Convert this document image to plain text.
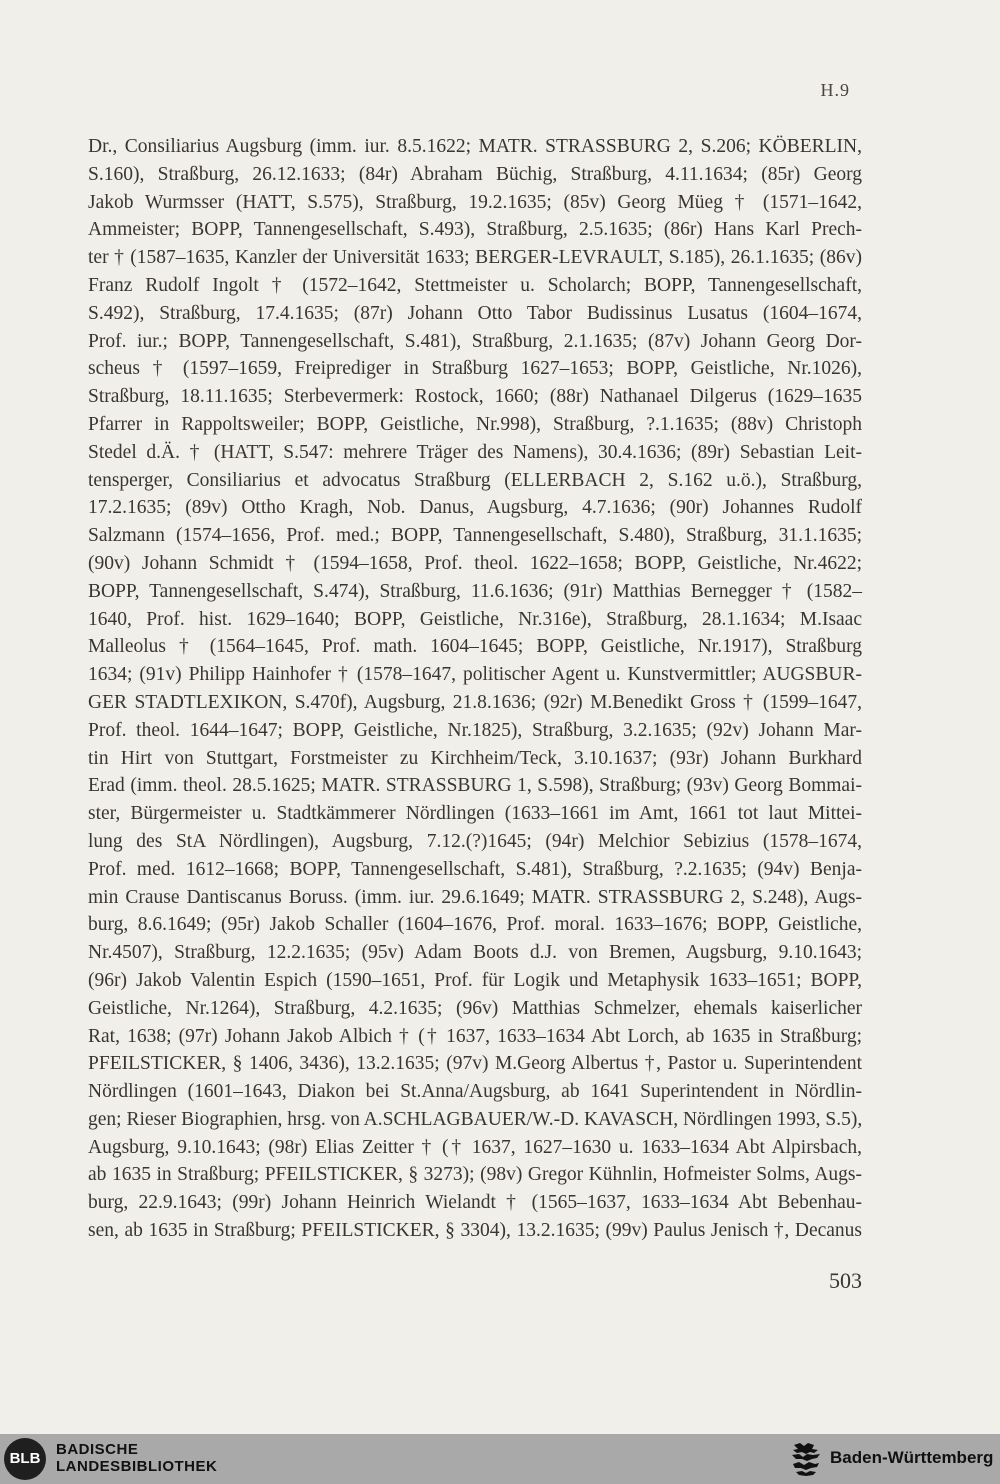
H.9
Dr., Consiliarius Augsburg (imm. iur. 8.5.1622; MATR. STRASSBURG 2, S.206; KÖBERLIN,
S.160), Straßburg, 26.12.1633; (84r) Abraham Büchig, Straßburg, 4.11.1634; (85r) Georg
Jakob Wurmsser (HATT, S.575), Straßburg, 19.2.1635; (85v) Georg Müeg † (1571–1642,
Ammeister; BOPP, Tannengesellschaft, S.493), Straßburg, 2.5.1635; (86r) Hans Karl Prech-
ter † (1587–1635, Kanzler der Universität 1633; BERGER-LEVRAULT, S.185), 26.1.1635; (86v)
Franz Rudolf Ingolt † (1572–1642, Stettmeister u. Scholarch; BOPP, Tannengesellschaft,
S.492), Straßburg, 17.4.1635; (87r) Johann Otto Tabor Budissinus Lusatus (1604–1674,
Prof. iur.; BOPP, Tannengesellschaft, S.481), Straßburg, 2.1.1635; (87v) Johann Georg Dor-
scheus † (1597–1659, Freiprediger in Straßburg 1627–1653; BOPP, Geistliche, Nr.1026),
Straßburg, 18.11.1635; Sterbevermerk: Rostock, 1660; (88r) Nathanael Dilgerus (1629–1635
Pfarrer in Rappoltsweiler; BOPP, Geistliche, Nr.998), Straßburg, ?.1.1635; (88v) Christoph
Stedel d.Ä. † (HATT, S.547: mehrere Träger des Namens), 30.4.1636; (89r) Sebastian Leit-
tensperger, Consiliarius et advocatus Straßburg (ELLERBACH 2, S.162 u.ö.), Straßburg,
17.2.1635; (89v) Ottho Kragh, Nob. Danus, Augsburg, 4.7.1636; (90r) Johannes Rudolf
Salzmann (1574–1656, Prof. med.; BOPP, Tannengesellschaft, S.480), Straßburg, 31.1.1635;
(90v) Johann Schmidt † (1594–1658, Prof. theol. 1622–1658; BOPP, Geistliche, Nr.4622;
BOPP, Tannengesellschaft, S.474), Straßburg, 11.6.1636; (91r) Matthias Bernegger † (1582–
1640, Prof. hist. 1629–1640; BOPP, Geistliche, Nr.316e), Straßburg, 28.1.1634; M.Isaac
Malleolus † (1564–1645, Prof. math. 1604–1645; BOPP, Geistliche, Nr.1917), Straßburg
1634; (91v) Philipp Hainhofer † (1578–1647, politischer Agent u. Kunstvermittler; AUGSBUR-
GER STADTLEXIKON, S.470f), Augsburg, 21.8.1636; (92r) M.Benedikt Gross † (1599–1647,
Prof. theol. 1644–1647; BOPP, Geistliche, Nr.1825), Straßburg, 3.2.1635; (92v) Johann Mar-
tin Hirt von Stuttgart, Forstmeister zu Kirchheim/Teck, 3.10.1637; (93r) Johann Burkhard
Erad (imm. theol. 28.5.1625; MATR. STRASSBURG 1, S.598), Straßburg; (93v) Georg Bommai-
ster, Bürgermeister u. Stadtkämmerer Nördlingen (1633–1661 im Amt, 1661 tot laut Mittei-
lung des StA Nördlingen), Augsburg, 7.12.(?)1645; (94r) Melchior Sebizius (1578–1674,
Prof. med. 1612–1668; BOPP, Tannengesellschaft, S.481), Straßburg, ?.2.1635; (94v) Benja-
min Crause Dantiscanus Boruss. (imm. iur. 29.6.1649; MATR. STRASSBURG 2, S.248), Augs-
burg, 8.6.1649; (95r) Jakob Schaller (1604–1676, Prof. moral. 1633–1676; BOPP, Geistliche,
Nr.4507), Straßburg, 12.2.1635; (95v) Adam Boots d.J. von Bremen, Augsburg, 9.10.1643;
(96r) Jakob Valentin Espich (1590–1651, Prof. für Logik und Metaphysik 1633–1651; BOPP,
Geistliche, Nr.1264), Straßburg, 4.2.1635; (96v) Matthias Schmelzer, ehemals kaiserlicher
Rat, 1638; (97r) Johann Jakob Albich † († 1637, 1633–1634 Abt Lorch, ab 1635 in Straßburg;
PFEILSTICKER, § 1406, 3436), 13.2.1635; (97v) M.Georg Albertus †, Pastor u. Superintendent
Nördlingen (1601–1643, Diakon bei St.Anna/Augsburg, ab 1641 Superintendent in Nördlin-
gen; Rieser Biographien, hrsg. von A.SCHLAGBAUER/W.-D. KAVASCH, Nördlingen 1993, S.5),
Augsburg, 9.10.1643; (98r) Elias Zeitter † († 1637, 1627–1630 u. 1633–1634 Abt Alpirsbach,
ab 1635 in Straßburg; PFEILSTICKER, § 3273); (98v) Gregor Kühnlin, Hofmeister Solms, Augs-
burg, 22.9.1643; (99r) Johann Heinrich Wielandt † (1565–1637, 1633–1634 Abt Bebenhau-
sen, ab 1635 in Straßburg; PFEILSTICKER, § 3304), 13.2.1635; (99v) Paulus Jenisch †, Decanus
503
BLB
BADISCHE
LANDESBIBLIOTHEK	Baden-Württemberg
